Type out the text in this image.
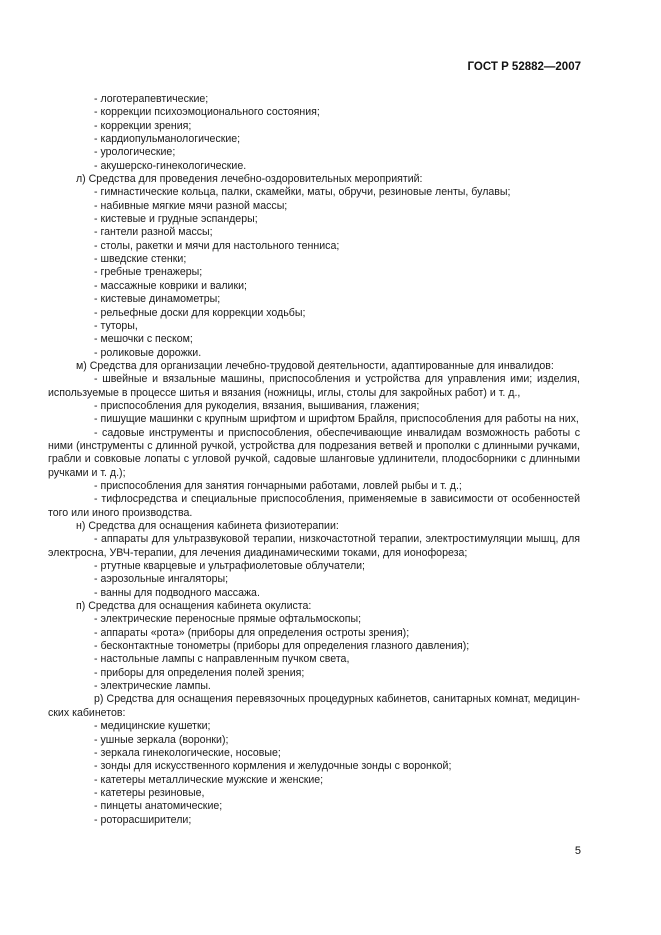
ГОСТ Р 52882—2007
- логотерапевтические;
- коррекции психоэмоционального состояния;
- коррекции зрения;
- кардиопульманологические;
- урологические;
- акушерско-гинекологические.
л) Средства для проведения лечебно-оздоровительных мероприятий:
- гимнастические кольца, палки, скамейки, маты, обручи, резиновые ленты, булавы;
- набивные мягкие мячи разной массы;
- кистевые и грудные эспандеры;
- гантели разной массы;
- столы, ракетки и мячи для настольного тенниса;
- шведские стенки;
- гребные тренажеры;
- массажные коврики и валики;
- кистевые динамометры;
- рельефные доски для коррекции ходьбы;
- туторы,
- мешочки с песком;
- роликовые дорожки.
м) Средства для организации лечебно-трудовой деятельности, адаптированные для инвалидов:
- швейные и вязальные машины, приспособления и устройства для управления ими; изделия, используемые в процессе шитья и вязания (ножницы, иглы, столы для закройных работ) и т. д.,
- приспособления для рукоделия, вязания, вышивания, глажения;
- пишущие машинки с крупным шрифтом и шрифтом Брайля, приспособления для работы на них,
- садовые инструменты и приспособления, обеспечивающие инвалидам возможность работы с ними (инструменты с длинной ручкой, устройства для подрезания ветвей и прополки с длинными ручками, грабли и совковые лопаты с угловой ручкой, садовые шланговые удлинители, плодосборники с длинными ручками и т. д.);
- приспособления для занятия гончарными работами, ловлей рыбы и т. д.;
- тифлосредства и специальные приспособления, применяемые в зависимости от особенностей того или иного производства.
н) Средства для оснащения кабинета физиотерапии:
- аппараты для ультразвуковой терапии, низкочастотной терапии, электростимуляции мышц, для электросна, УВЧ-терапии, для лечения диадинамическими токами, для ионофореза;
- ртутные кварцевые и ультрафиолетовые облучатели;
- аэрозольные ингаляторы;
- ванны для подводного массажа.
п) Средства для оснащения кабинета окулиста:
- электрические переносные прямые офтальмоскопы;
- аппараты «рота» (приборы для определения остроты зрения);
- бесконтактные тонометры (приборы для определения глазного давления);
- настольные лампы с направленным пучком света,
- приборы для определения полей зрения;
- электрические лампы.
р) Средства для оснащения перевязочных процедурных кабинетов, санитарных комнат, медицинских кабинетов:
- медицинские кушетки;
- ушные зеркала (воронки);
- зеркала гинекологические, носовые;
- зонды для искусственного кормления и желудочные зонды с воронкой;
- катетеры металлические мужские и женские;
- катетеры резиновые,
- пинцеты анатомические;
- роторасширители;
5
